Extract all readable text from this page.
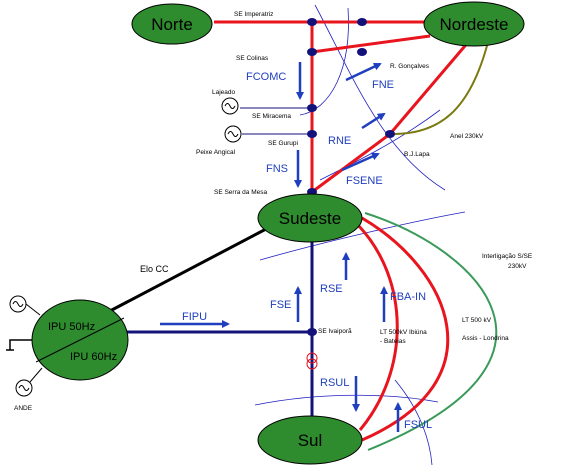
Norte	Nordeste
Sudeste
Sul
IPU 50Hz
IPU 60Hz
SE Imperatriz
SE Colinas
R. Gonçalves
Lajeado
SE Miracema
SE Gurupi
Peixe Angical	B.J.Lapa
SE Serra da Mesa
SE Ivaiporã
ANDE
Elo CC
Anel 230kV
Interligação S/SE
230kV
LT 500kV Ibiúna
- Bateias
LT 500 kV
Assis - Londrina
FCOMC
FNE
RNE
FNS
FSENE
FSE
RSE
FBA-IN
FIPU
RSUL
FSUL
